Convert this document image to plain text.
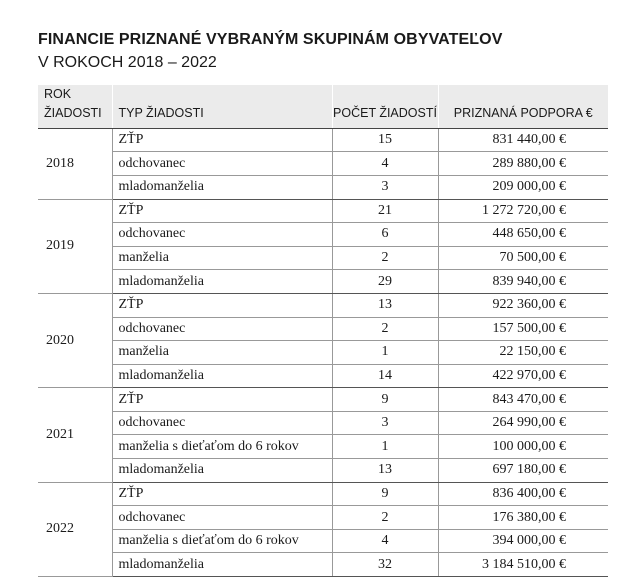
FINANCIE PRIZNANÉ VYBRANÝM SKUPINÁM OBYVATEĽOV
V ROKOCH 2018 – 2022
ROK
ŽIADOSTI	TYP ŽIADOSTI	POČET ŽIADOSTÍ	PRIZNANÁ PODPORA €
2018	ZŤP	15	831 440,00 €
	odchovanec	4	289 880,00 €
	mladomanželia	3	209 000,00 €
2019	ZŤP	21	1 272 720,00 €
	odchovanec	6	448 650,00 €
	manželia	2	70 500,00 €
	mladomanželia	29	839 940,00 €
2020	ZŤP	13	922 360,00 €
	odchovanec	2	157 500,00 €
	manželia	1	22 150,00 €
	mladomanželia	14	422 970,00 €
2021	ZŤP	9	843 470,00 €
	odchovanec	3	264 990,00 €
	manželia s dieťaťom do 6 rokov	1	100 000,00 €
	mladomanželia	13	697 180,00 €
2022	ZŤP	9	836 400,00 €
	odchovanec	2	176 380,00 €
	manželia s dieťaťom do 6 rokov	4	394 000,00 €
	mladomanželia	32	3 184 510,00 €
